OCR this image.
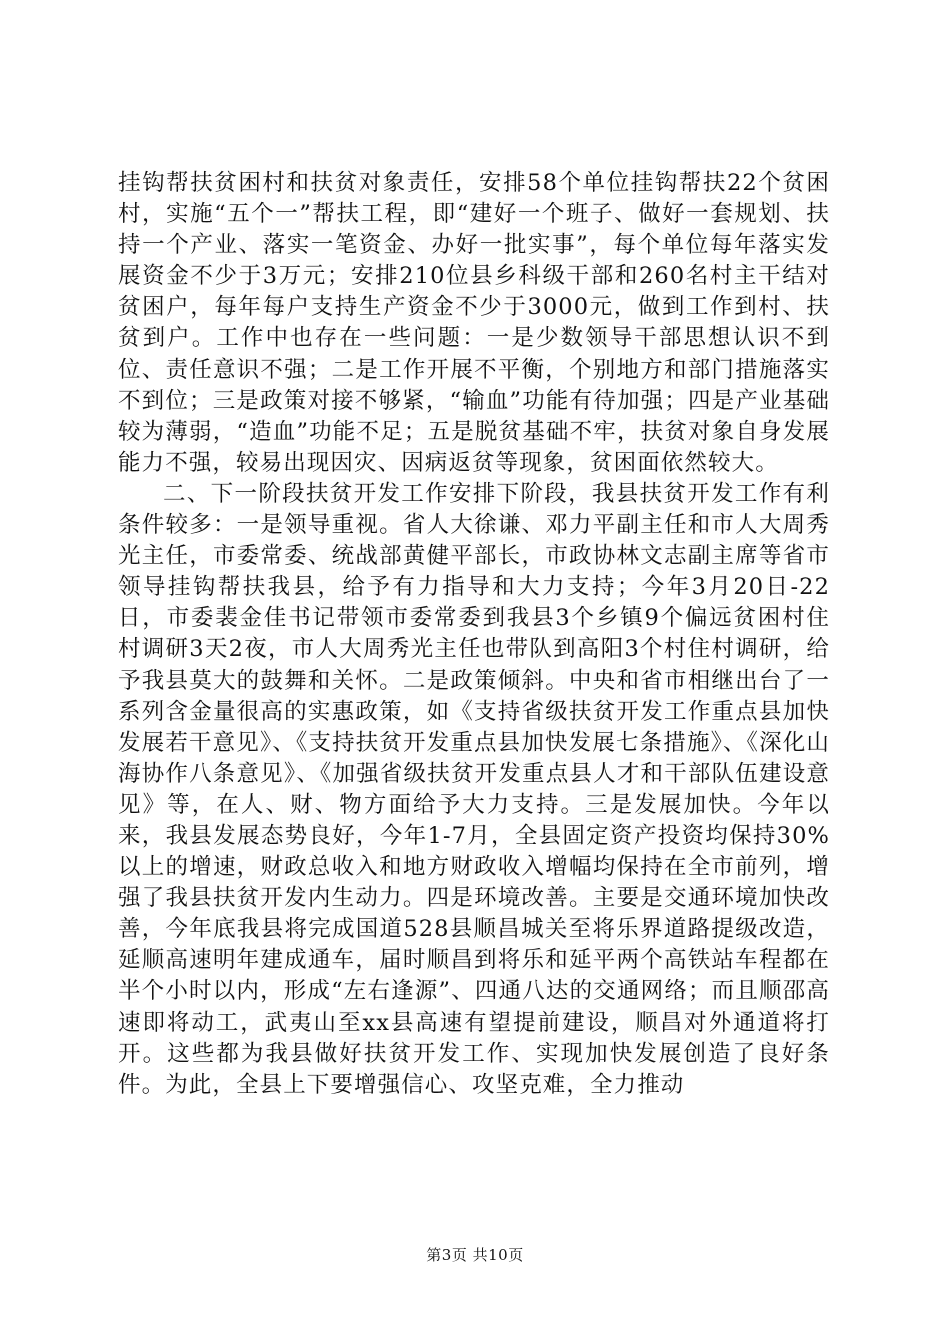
挂钩帮扶贫困村和扶贫对象责任，安排58个单位挂钩帮扶22个贫困村，实施“五个一”帮扶工程，即“建好一个班子、做好一套规划、扶持一个产业、落实一笔资金、办好一批实事”，每个单位每年落实发展资金不少于3万元；安排210位县乡科级干部和260名村主干结对贫困户，每年每户支持生产资金不少于3000元，做到工作到村、扶贫到户。工作中也存在一些问题：一是少数领导干部思想认识不到位、责任意识不强；二是工作开展不平衡，个别地方和部门措施落实不到位；三是政策对接不够紧，“输血”功能有待加强；四是产业基础较为薄弱，“造血”功能不足；五是脱贫基础不牢，扶贫对象自身发展能力不强，较易出现因灾、因病返贫等现象，贫困面依然较大。

二、下一阶段扶贫开发工作安排下阶段，我县扶贫开发工作有利条件较多：一是领导重视。省人大徐谦、邓力平副主任和市人大周秀光主任，市委常委、统战部黄健平部长，市政协林文志副主席等省市领导挂钩帮扶我县，给予有力指导和大力支持；今年3月20日-22日，市委裴金佳书记带领市委常委到我县3个乡镇9个偏远贫困村住村调研3天2夜，市人大周秀光主任也带队到高阳3个村住村调研，给予我县莫大的鼓舞和关怀。二是政策倾斜。中央和省市相继出台了一系列含金量很高的实惠政策，如《支持省级扶贫开发工作重点县加快发展若干意见》、《支持扶贫开发重点县加快发展七条措施》、《深化山海协作八条意见》、《加强省级扶贫开发重点县人才和干部队伍建设意见》等，在人、财、物方面给予大力支持。三是发展加快。今年以来，我县发展态势良好，今年1-7月，全县固定资产投资均保持30%以上的增速，财政总收入和地方财政收入增幅均保持在全市前列，增强了我县扶贫开发内生动力。四是环境改善。主要是交通环境加快改善，今年底我县将完成国道528县顺昌城关至将乐界道路提级改造，延顺高速明年建成通车，届时顺昌到将乐和延平两个高铁站车程都在半个小时以内，形成“左右逢源”、四通八达的交通网络；而且顺邵高速即将动工，武夷山至xx县高速有望提前建设，顺昌对外通道将打开。这些都为我县做好扶贫开发工作、实现加快发展创造了良好条件。为此，全县上下要增强信心、攻坚克难，全力推动

第3页 共10页
